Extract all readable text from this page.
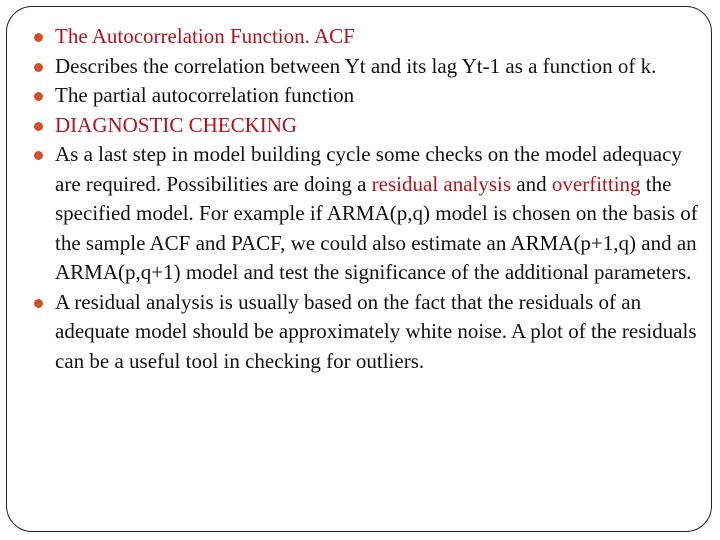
The Autocorrelation Function. ACF
Describes the correlation between Yt and its lag Yt-1 as a function of k.
The partial autocorrelation function
DIAGNOSTIC CHECKING
As a last step in model building cycle some checks on the model adequacy are required. Possibilities are doing a residual analysis and overfitting the specified model. For example if ARMA(p,q) model is chosen on the basis of the sample ACF and PACF, we could also estimate an ARMA(p+1,q) and an ARMA(p,q+1) model and test the significance of the additional parameters.
A residual analysis is usually based on the fact that the residuals of an adequate model should be approximately white noise. A plot of the residuals can be a useful tool in checking for outliers.
